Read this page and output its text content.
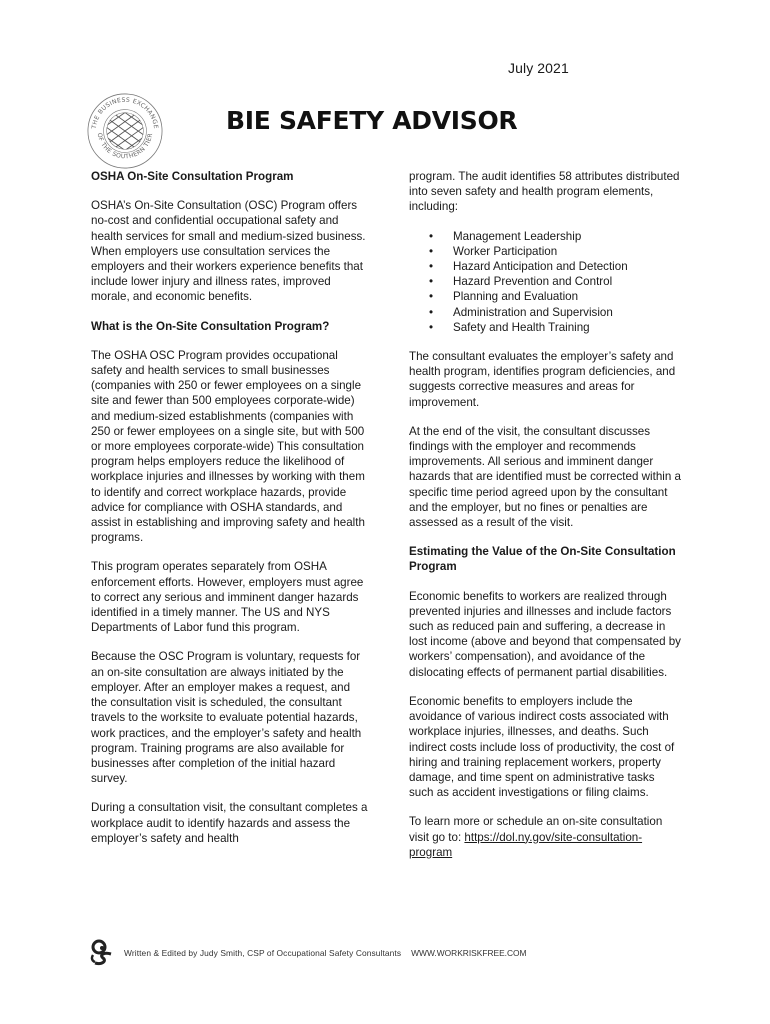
July 2021
THE BUSINESS EXCHANGE
OF THE SOUTHERN TIER
BIE SAFETY ADVISOR
OSHA On-Site Consultation Program

OSHA’s On-Site Consultation (OSC) Program offers no-cost and confidential occupational safety and health services for small and medium-sized business. When employers use consultation services the employers and their workers experience benefits that include lower injury and illness rates, improved morale, and economic benefits.

What is the On-Site Consultation Program?

The OSHA OSC Program provides occupational safety and health services to small businesses (companies with 250 or fewer employees on a single site and fewer than 500 employees corporate-wide) and medium-sized establishments (companies with 250 or fewer employees on a single site, but with 500 or more employees corporate-wide) This consultation program helps employers reduce the likelihood of workplace injuries and illnesses by working with them to identify and correct workplace hazards, provide advice for compliance with OSHA standards, and assist in establishing and improving safety and health programs.

This program operates separately from OSHA enforcement efforts. However, employers must agree to correct any serious and imminent danger hazards identified in a timely manner. The US and NYS Departments of Labor fund this program.

Because the OSC Program is voluntary, requests for an on-site consultation are always initiated by the employer. After an employer makes a request, and the consultation visit is scheduled, the consultant travels to the worksite to evaluate potential hazards, work practices, and the employer’s safety and health program. Training programs are also available for businesses after completion of the initial hazard survey.

During a consultation visit, the consultant completes a workplace audit to identify hazards and assess the employer’s safety and health

program. The audit identifies 58 attributes distributed into seven safety and health program elements, including:

• Management Leadership
• Worker Participation
• Hazard Anticipation and Detection
• Hazard Prevention and Control
• Planning and Evaluation
• Administration and Supervision
• Safety and Health Training

The consultant evaluates the employer’s safety and health program, identifies program deficiencies, and suggests corrective measures and areas for improvement.

At the end of the visit, the consultant discusses findings with the employer and recommends improvements. All serious and imminent danger hazards that are identified must be corrected within a specific time period agreed upon by the consultant and the employer, but no fines or penalties are assessed as a result of the visit.

Estimating the Value of the On-Site Consultation Program

Economic benefits to workers are realized through prevented injuries and illnesses and include factors such as reduced pain and suffering, a decrease in lost income (above and beyond that compensated by workers’ compensation), and avoidance of the dislocating effects of permanent partial disabilities.

Economic benefits to employers include the avoidance of various indirect costs associated with workplace injuries, illnesses, and deaths. Such indirect costs include loss of productivity, the cost of hiring and training replacement workers, property damage, and time spent on administrative tasks such as accident investigations or filing claims.

To learn more or schedule an on-site consultation visit go to: https://dol.ny.gov/site-consultation-program

Written & Edited by Judy Smith, CSP of Occupational Safety Consultants WWW.WORKRISKFREE.COM
